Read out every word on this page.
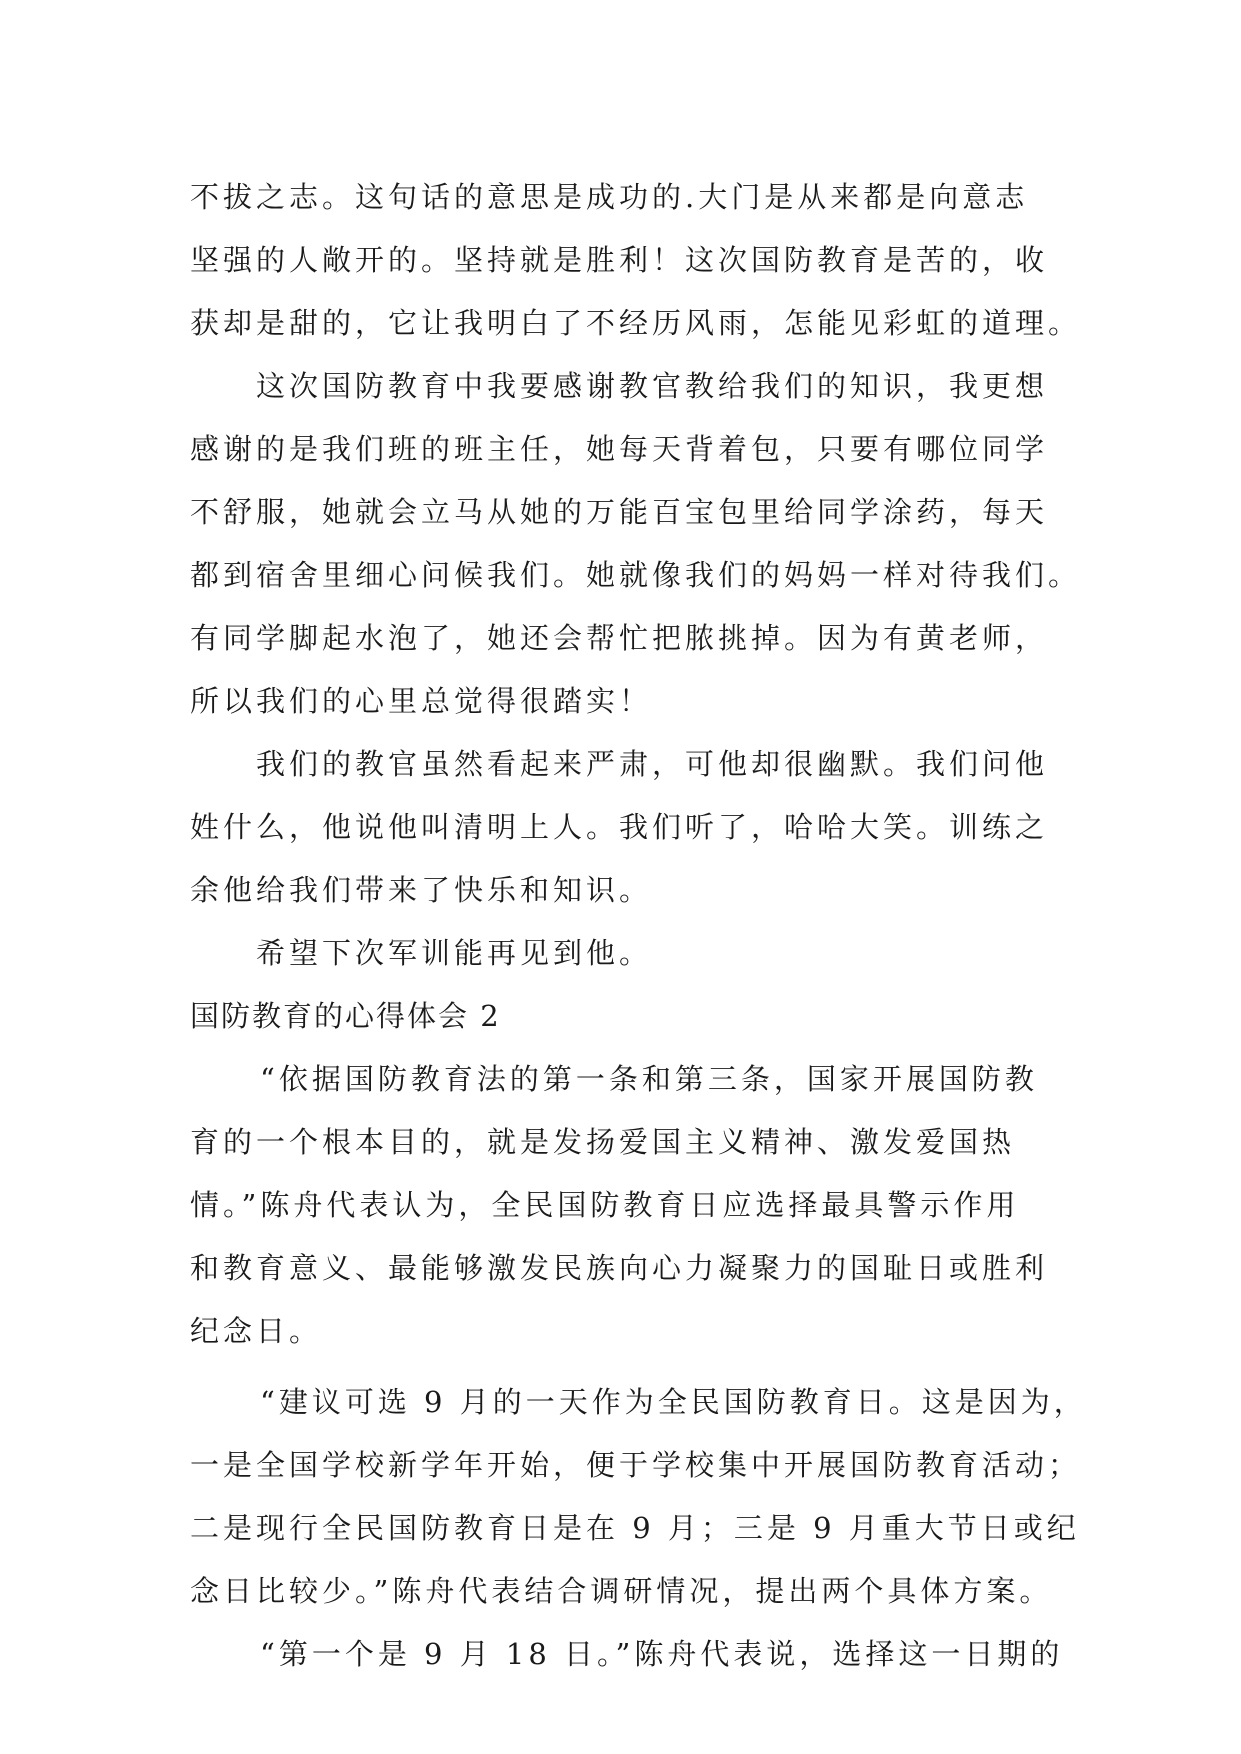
不拔之志。这句话的意思是成功的.大门是从来都是向意志
坚强的人敞开的。坚持就是胜利！这次国防教育是苦的，收
获却是甜的，它让我明白了不经历风雨，怎能见彩虹的道理。
这次国防教育中我要感谢教官教给我们的知识，我更想
感谢的是我们班的班主任，她每天背着包，只要有哪位同学
不舒服，她就会立马从她的万能百宝包里给同学涂药，每天
都到宿舍里细心问候我们。她就像我们的妈妈一样对待我们。
有同学脚起水泡了，她还会帮忙把脓挑掉。因为有黄老师，
所以我们的心里总觉得很踏实！
我们的教官虽然看起来严肃，可他却很幽默。我们问他
姓什么，他说他叫清明上人。我们听了，哈哈大笑。训练之
余他给我们带来了快乐和知识。
希望下次军训能再见到他。
国防教育的心得体会 2
“依据国防教育法的第一条和第三条，国家开展国防教
育的一个根本目的，就是发扬爱国主义精神、激发爱国热
情。”陈舟代表认为，全民国防教育日应选择最具警示作用
和教育意义、最能够激发民族向心力凝聚力的国耻日或胜利
纪念日。
“建议可选 9 月的一天作为全民国防教育日。这是因为，
一是全国学校新学年开始，便于学校集中开展国防教育活动；
二是现行全民国防教育日是在 9 月；三是 9 月重大节日或纪
念日比较少。”陈舟代表结合调研情况，提出两个具体方案。
“第一个是 9 月 18 日。”陈舟代表说，选择这一日期的
